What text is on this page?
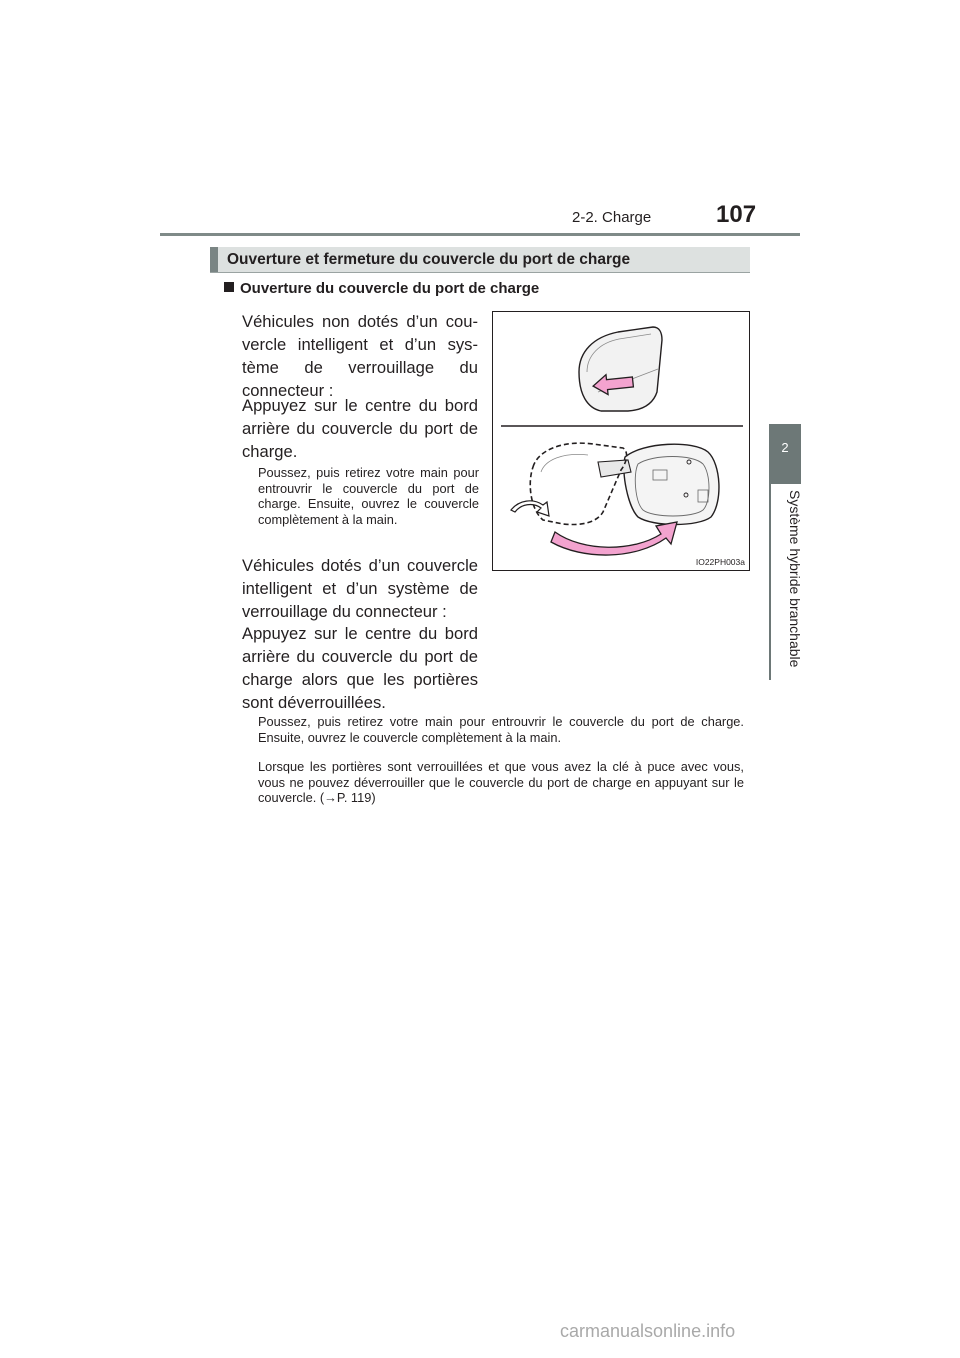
2-2. Charge	107
2
Système hybride branchable
Ouverture et fermeture du couvercle du port de charge
Ouverture du couvercle du port de charge
Véhicules non dotés d’un couvercle intelligent et d’un système de verrouillage du connecteur :
Appuyez sur le centre du bord arrière du couvercle du port de charge.
Poussez, puis retirez votre main pour entrouvrir le couvercle du port de charge. Ensuite, ouvrez le couvercle complètement à la main.
Véhicules dotés d’un couvercle intelligent et d’un système de verrouillage du connecteur :
Appuyez sur le centre du bord arrière du couvercle du port de charge alors que les portières sont déverrouillées.
Poussez, puis retirez votre main pour entrouvrir le couvercle du port de charge. Ensuite, ouvrez le couvercle complètement à la main.
Lorsque les portières sont verrouillées et que vous avez la clé à puce avec vous, vous ne pouvez déverrouiller que le couvercle du port de charge en appuyant sur le couvercle. (→P. 119)
IO22PH003a
carmanualsonline.info
